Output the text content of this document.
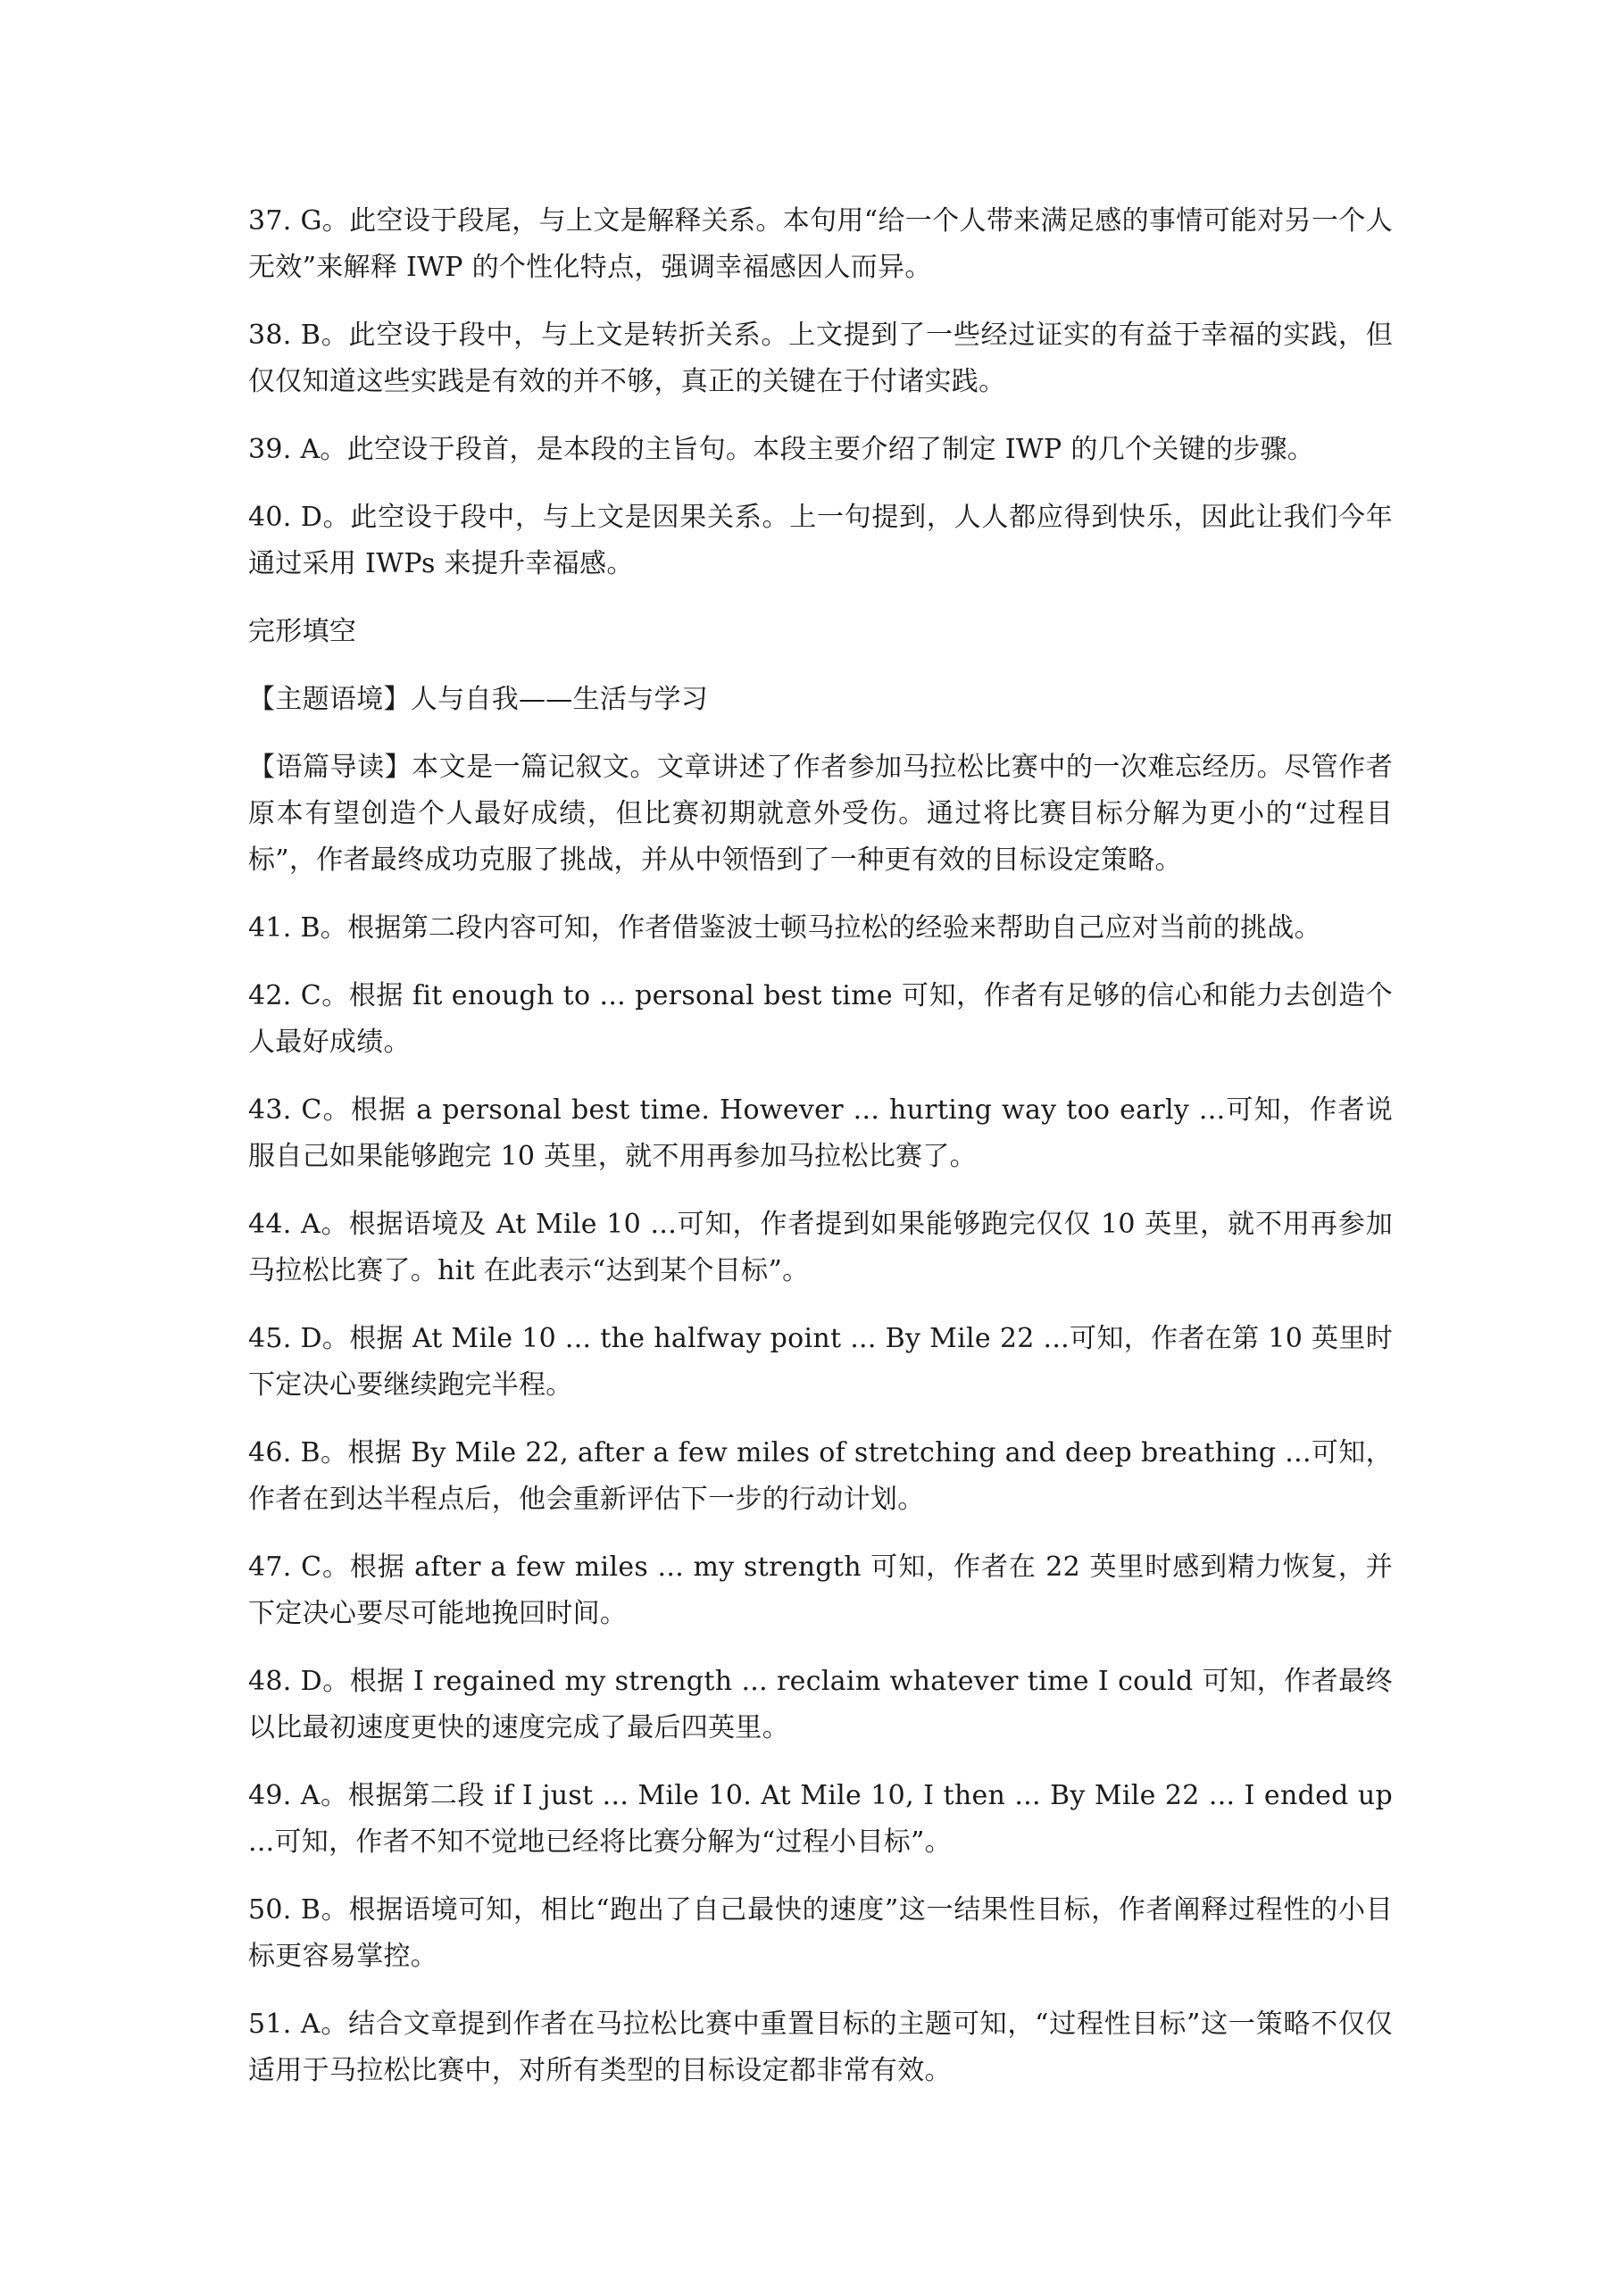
37. G。此空设于段尾，与上文是解释关系。本句用“给一个人带来满足感的事情可能对另一个人无效”来解释 IWP 的个性化特点，强调幸福感因人而异。

38. B。此空设于段中，与上文是转折关系。上文提到了一些经过证实的有益于幸福的实践，但仅仅知道这些实践是有效的并不够，真正的关键在于付诸实践。

39. A。此空设于段首，是本段的主旨句。本段主要介绍了制定 IWP 的几个关键的步骤。

40. D。此空设于段中，与上文是因果关系。上一句提到，人人都应得到快乐，因此让我们今年通过采用 IWPs 来提升幸福感。

完形填空

【主题语境】人与自我——生活与学习

【语篇导读】本文是一篇记叙文。文章讲述了作者参加马拉松比赛中的一次难忘经历。尽管作者原本有望创造个人最好成绩，但比赛初期就意外受伤。通过将比赛目标分解为更小的“过程目标”，作者最终成功克服了挑战，并从中领悟到了一种更有效的目标设定策略。

41. B。根据第二段内容可知，作者借鉴波士顿马拉松的经验来帮助自己应对当前的挑战。

42. C。根据 fit enough to ... personal best time 可知，作者有足够的信心和能力去创造个人最好成绩。

43. C。根据 a personal best time. However ... hurting way too early ...可知，作者说服自己如果能够跑完 10 英里，就不用再参加马拉松比赛了。

44. A。根据语境及 At Mile 10 ...可知，作者提到如果能够跑完仅仅 10 英里，就不用再参加马拉松比赛了。hit 在此表示“达到某个目标”。

45. D。根据 At Mile 10 ... the halfway point ... By Mile 22 ...可知，作者在第 10 英里时下定决心要继续跑完半程。

46. B。根据 By Mile 22, after a few miles of stretching and deep breathing ...可知，作者在到达半程点后，他会重新评估下一步的行动计划。

47. C。根据 after a few miles ... my strength 可知，作者在 22 英里时感到精力恢复，并下定决心要尽可能地挽回时间。

48. D。根据 I regained my strength ... reclaim whatever time I could 可知，作者最终以比最初速度更快的速度完成了最后四英里。

49. A。根据第二段 if I just ... Mile 10. At Mile 10, I then ... By Mile 22 ... I ended up ...可知，作者不知不觉地已经将比赛分解为“过程小目标”。

50. B。根据语境可知，相比“跑出了自己最快的速度”这一结果性目标，作者阐释过程性的小目标更容易掌控。

51. A。结合文章提到作者在马拉松比赛中重置目标的主题可知，“过程性目标”这一策略不仅仅适用于马拉松比赛中，对所有类型的目标设定都非常有效。
